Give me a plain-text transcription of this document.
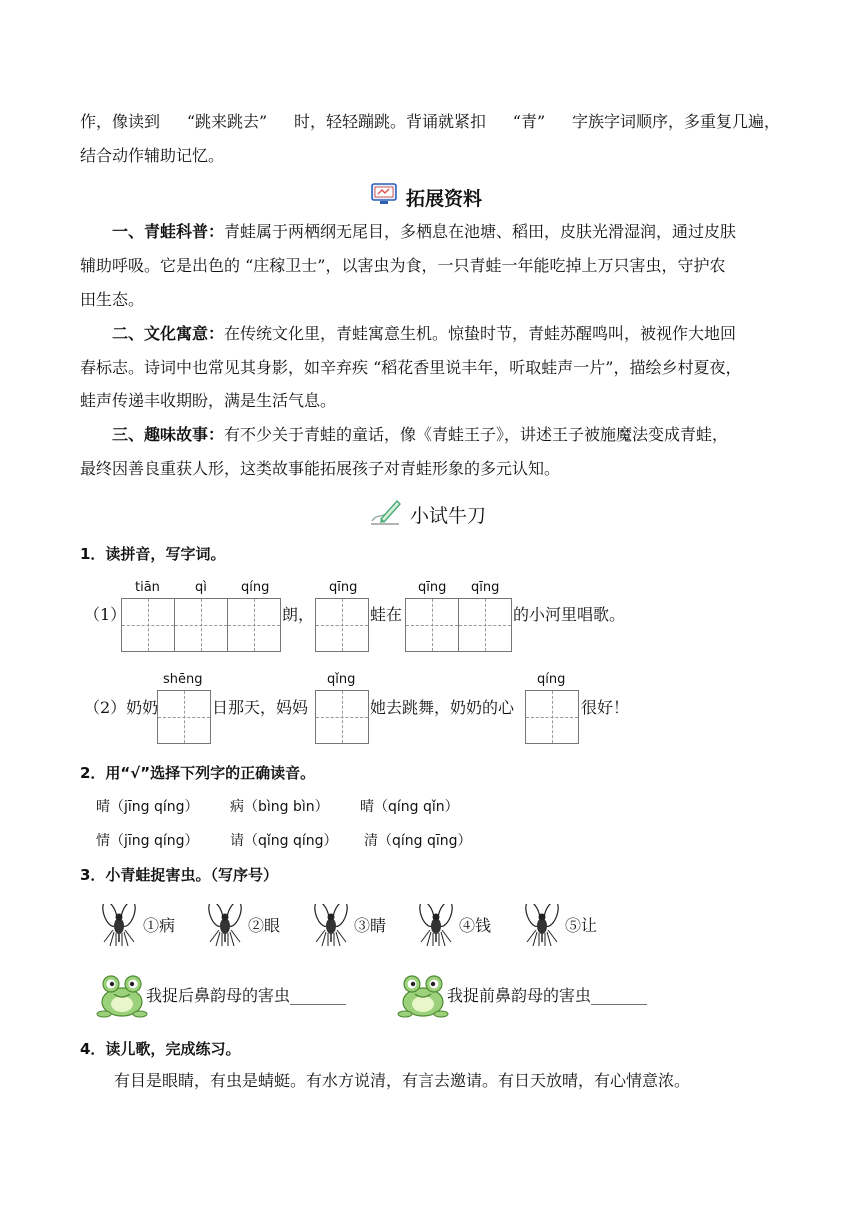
作，像读到 “跳来跳去” 时，轻轻蹦跳。背诵就紧扣 “青” 字族字词顺序，多重复几遍，
结合动作辅助记忆。
拓展资料
一、青蛙科普：青蛙属于两栖纲无尾目，多栖息在池塘、稻田，皮肤光滑湿润，通过皮肤
辅助呼吸。它是出色的 “庄稼卫士”，以害虫为食，一只青蛙一年能吃掉上万只害虫，守护农
田生态。
二、文化寓意：在传统文化里，青蛙寓意生机。惊蛰时节，青蛙苏醒鸣叫，被视作大地回
春标志。诗词中也常见其身影，如辛弃疾 “稻花香里说丰年，听取蛙声一片”，描绘乡村夏夜，
蛙声传递丰收期盼，满是生活气息。
三、趣味故事：有不少关于青蛙的童话，像《青蛙王子》，讲述王子被施魔法变成青蛙，
最终因善良重获人形，这类故事能拓展孩子对青蛙形象的多元认知。
小试牛刀
1．读拼音，写字词。
（1）
tiān	qì	qíng
朗，
qīng
蛙在
qīng qīng
的小河里唱歌。
（2）奶奶
shēng
日那天，妈妈
qǐng
她去跳舞，奶奶的心
qíng
很好！
2．用“√”选择下列字的正确读音。
晴（jīng qíng） 病（bìng bìn） 晴（qíng qǐn）
情（jīng qíng） 请（qǐng qíng） 清（qíng qīng）
3．小青蛙捉害虫。（写序号）
①病	②眼	③睛	④钱	⑤让
我捉后鼻韵母的害虫_______	我捉前鼻韵母的害虫_______
4．读儿歌，完成练习。
有目是眼睛，有虫是蜻蜓。有水方说清，有言去邀请。有日天放晴，有心情意浓。
